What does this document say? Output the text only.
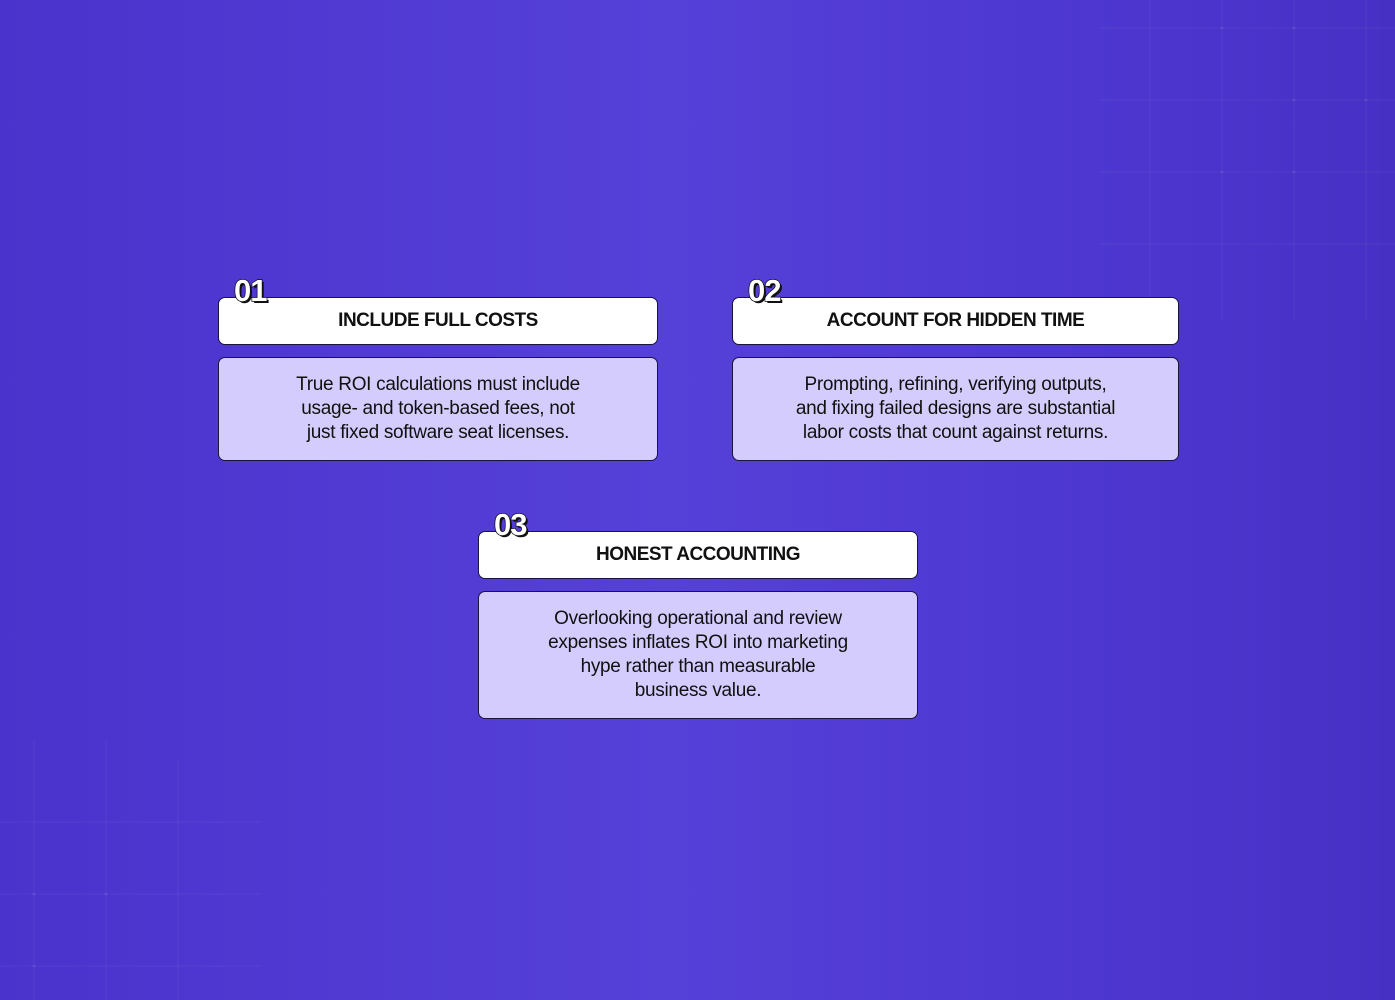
INCLUDE FULL COSTS
01
True ROI calculations must include
usage- and token-based fees, not
just fixed software seat licenses.
ACCOUNT FOR HIDDEN TIME
02
Prompting, refining, verifying outputs,
and fixing failed designs are substantial
labor costs that count against returns.
HONEST ACCOUNTING
03
Overlooking operational and review
expenses inflates ROI into marketing
hype rather than measurable
business value.
